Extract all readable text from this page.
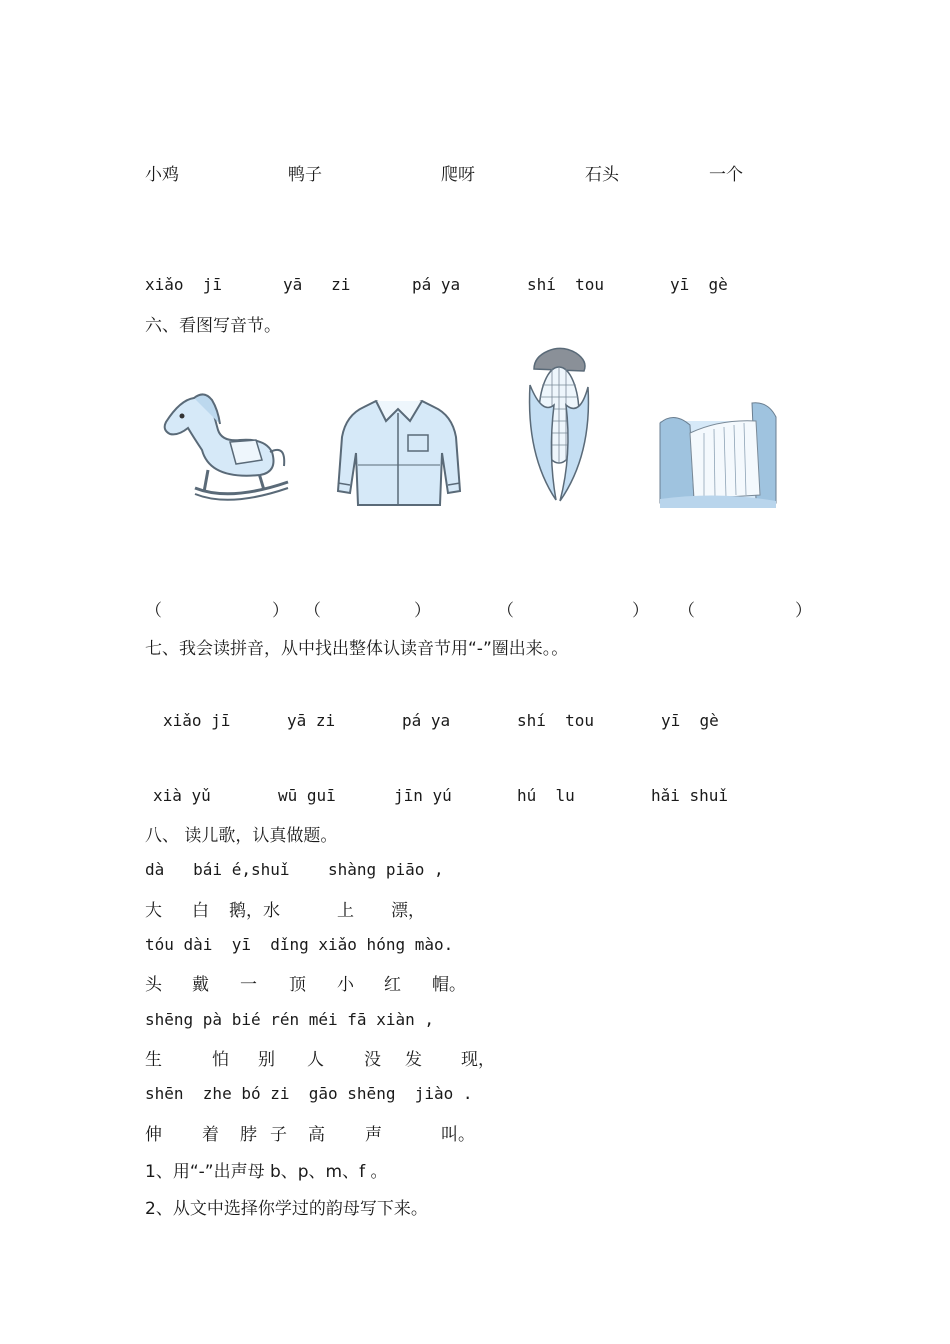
小鸡	鸭子	爬呀	石头	一个
xiǎo  jī	yā   zi	pá ya	shí  tou	yī  gè
六、看图写音节。
（	） （	）	（	） （	）
七、我会读拼音，从中找出整体认读音节用“-”圈出来。。
xiǎo jī	yā zi	pá ya	shí  tou	yī  gè
xià yǔ	wū guī	jīn yú	hú  lu	hǎi shuǐ
八、 读儿歌，认真做题。
dà   bái é,shuǐ    shàng piāo ,
大 白 鹅，水	上 漂，
tóu dài  yī  dǐng xiǎo hóng mào.
头 戴 一 顶 小 红 帽。
shēng pà bié rén méi fā xiàn ,
生	怕 别 人 没 发 现，
shēn  zhe bó zi  gāo shēng  jiào .
伸 着 脖 子 高 声	叫。
1、用“-”出声母 b、p、m、f 。
2、从文中选择你学过的韵母写下来。
